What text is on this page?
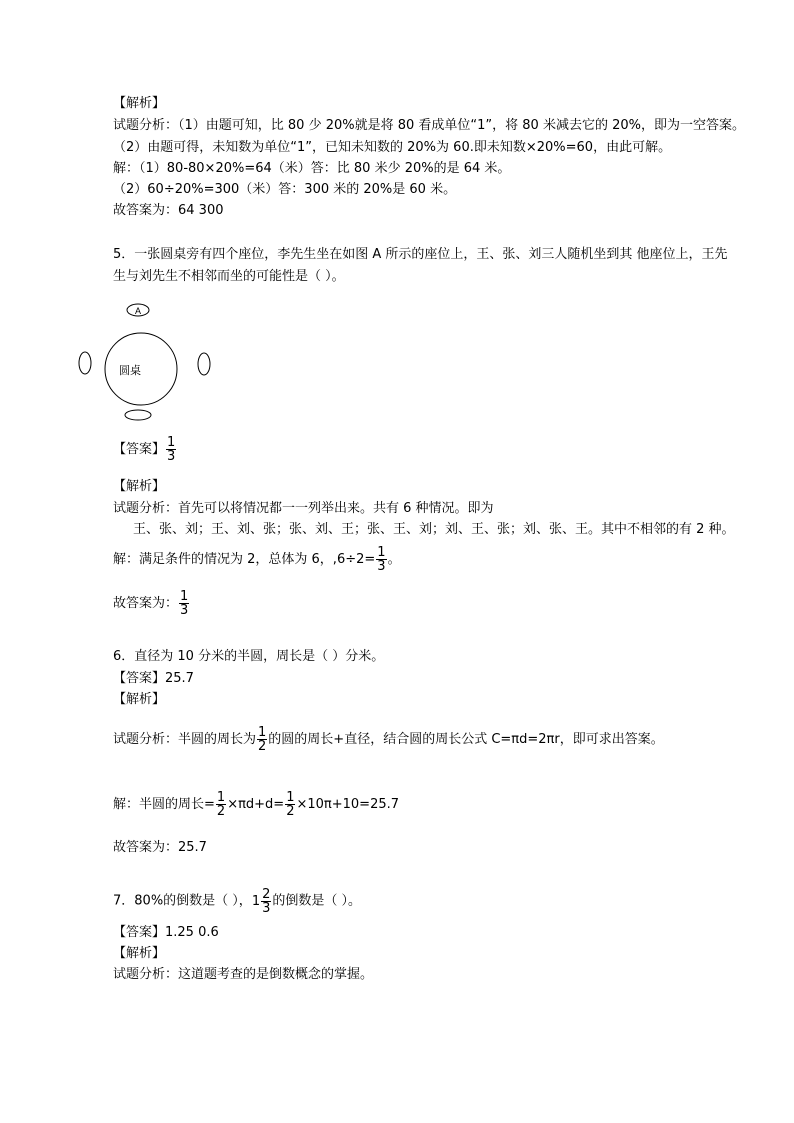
【解析】
试题分析：（1）由题可知，比 80 少 20%就是将 80 看成单位“1”，将 80 米减去它的 20%，即为一空答案。
（2）由题可得，未知数为单位“1”，已知未知数的 20%为 60.即未知数×20%=60，由此可解。
解：（1）80-80×20%=64（米）答：比 80 米少 20%的是 64 米。
（2）60÷20%=300（米）答：300 米的 20%是 60 米。
故答案为：64 300
5．一张圆桌旁有四个座位，李先生坐在如图 A 所示的座位上，王、张、刘三人随机坐到其 他座位上，王先
生与刘先生不相邻而坐的可能性是（ ）。
A
圆桌
【答案】 $\frac{1}{3}$
【解析】
试题分析：首先可以将情况都一一列举出来。共有 6 种情况。即为
王、张、刘；王、刘、张；张、刘、王；张、王、刘；刘、王、张；刘、张、王。其中不相邻的有 2 种。
解：满足条件的情况为 2，总体为 6，$,6\div 2= \frac{1}{3}$ 。
故答案为： $\frac{1}{3}$
6．直径为 10 分米的半圆，周长是（ ）分米。
【答案】25.7
【解析】
试题分析：半圆的周长为 $\frac{1}{2}$ 的圆的周长+直径，结合圆的周长公式 C=πd=2πr，即可求出答案。
解：半圆的周长= $\frac{1}{2} \times\pi d+d= \frac{1}{2} \times 10\pi+10=25.7$
故答案为：25.7
7．80%的倒数是（ ）， $1 \frac{2}{3}$ 的倒数是（ ）。
【答案】1.25 0.6
【解析】
试题分析：这道题考查的是倒数概念的掌握。
